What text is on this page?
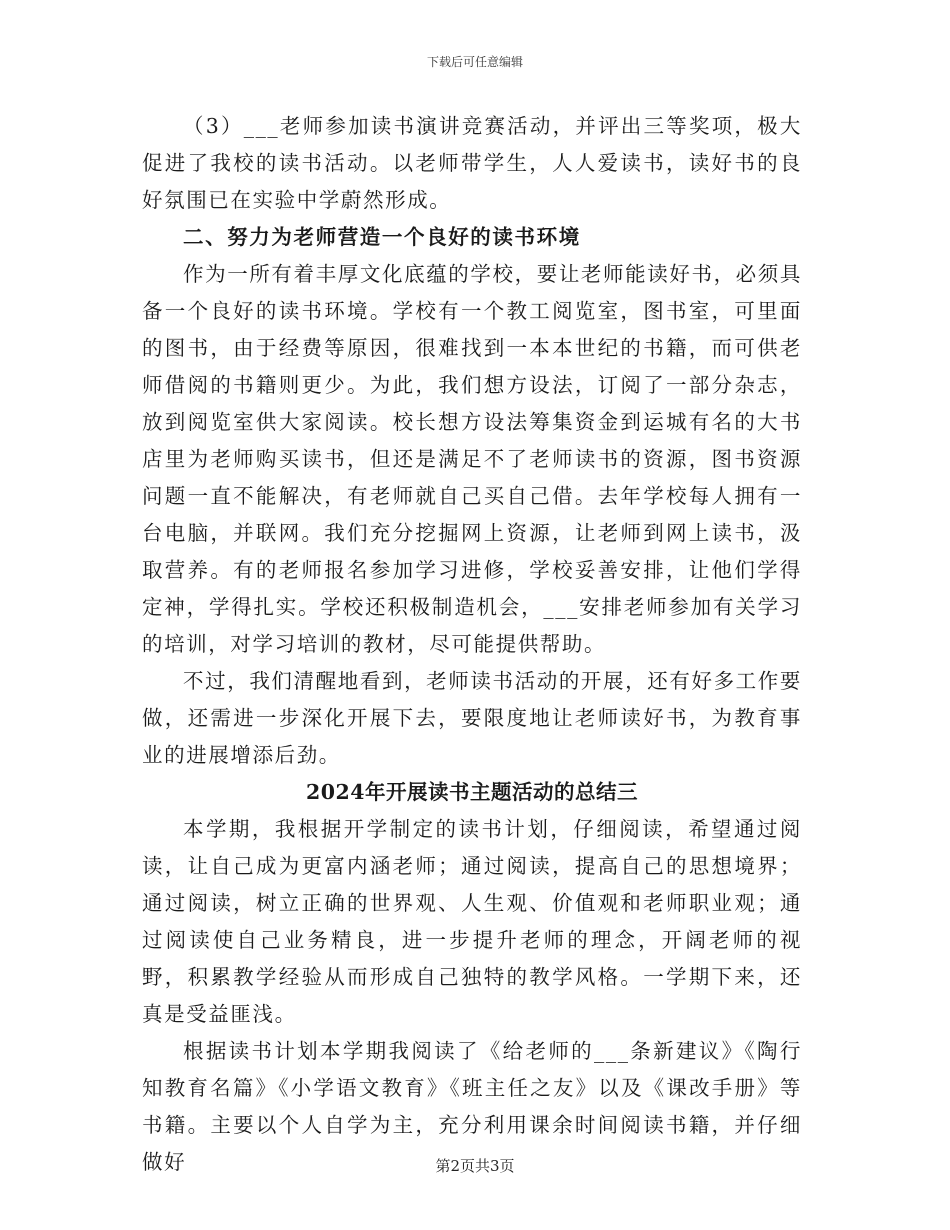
下载后可任意编辑

（3）___老师参加读书演讲竞赛活动，并评出三等奖项，极大促进了我校的读书活动。以老师带学生，人人爱读书，读好书的良好氛围已在实验中学蔚然形成。

二、努力为老师营造一个良好的读书环境

作为一所有着丰厚文化底蕴的学校，要让老师能读好书，必须具备一个良好的读书环境。学校有一个教工阅览室，图书室，可里面的图书，由于经费等原因，很难找到一本本世纪的书籍，而可供老师借阅的书籍则更少。为此，我们想方设法，订阅了一部分杂志，放到阅览室供大家阅读。校长想方设法筹集资金到运城有名的大书店里为老师购买读书，但还是满足不了老师读书的资源，图书资源问题一直不能解决，有老师就自己买自己借。去年学校每人拥有一台电脑，并联网。我们充分挖掘网上资源，让老师到网上读书，汲取营养。有的老师报名参加学习进修，学校妥善安排，让他们学得定神，学得扎实。学校还积极制造机会，___安排老师参加有关学习的培训，对学习培训的教材，尽可能提供帮助。

不过，我们清醒地看到，老师读书活动的开展，还有好多工作要做，还需进一步深化开展下去，要限度地让老师读好书，为教育事业的进展增添后劲。

2024年开展读书主题活动的总结三

本学期，我根据开学制定的读书计划，仔细阅读，希望通过阅读，让自己成为更富内涵老师；通过阅读，提高自己的思想境界；通过阅读，树立正确的世界观、人生观、价值观和老师职业观；通过阅读使自己业务精良，进一步提升老师的理念，开阔老师的视野，积累教学经验从而形成自己独特的教学风格。一学期下来，还真是受益匪浅。

根据读书计划本学期我阅读了《给老师的___条新建议》《陶行知教育名篇》《小学语文教育》《班主任之友》以及《课改手册》等书籍。主要以个人自学为主，充分利用课余时间阅读书籍，并仔细做好	第2页共3页
